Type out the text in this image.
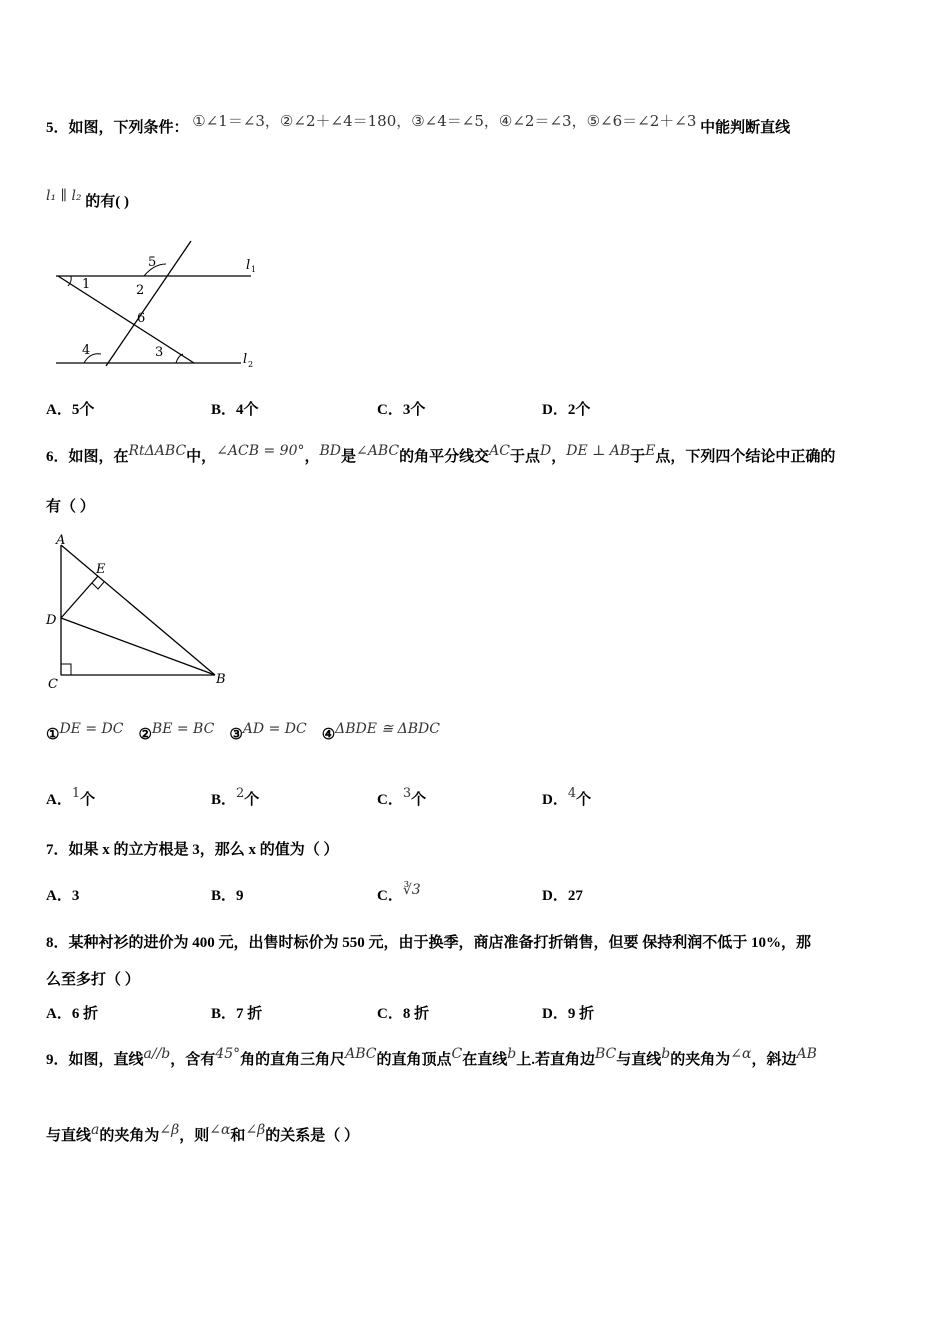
5．如图，下列条件： ①∠1＝∠3，②∠2＋∠4＝180，③∠4＝∠5，④∠2＝∠3，⑤∠6＝∠2＋∠3 中能判断直线
l₁ ∥ l₂ 的有( )
5	l 1
1	2
6
4	3	l 2
A．5个	B．4个	C．3个	D．2个
6．如图，在RtΔABC中，∠ACB = 90°，BD是∠ABC的角平分线交AC于点D，DE ⊥ AB于E点，下列四个结论中正确的
有（ ）
A
E
D
C	B
①DE = DC ②BE = BC ③AD = DC ④ΔBDE ≅ ΔBDC
A．1个	B．2个	C．3个	D．4个
7．如果 x 的立方根是 3，那么 x 的值为（ ）
A．3	B．9	C．∛3	D．27
8．某种衬衫的进价为 400 元，出售时标价为 550 元，由于换季，商店准备打折销售，但要 保持利润不低于 10%，那
么至多打（ ）
A．6 折	B．7 折	C．8 折	D．9 折
9．如图，直线a//b，含有45°角的直角三角尺ABC的直角顶点C在直线b上.若直角边BC与直线b的夹角为∠α，斜边AB
与直线a的夹角为∠β，则∠α和∠β的关系是（ ）
